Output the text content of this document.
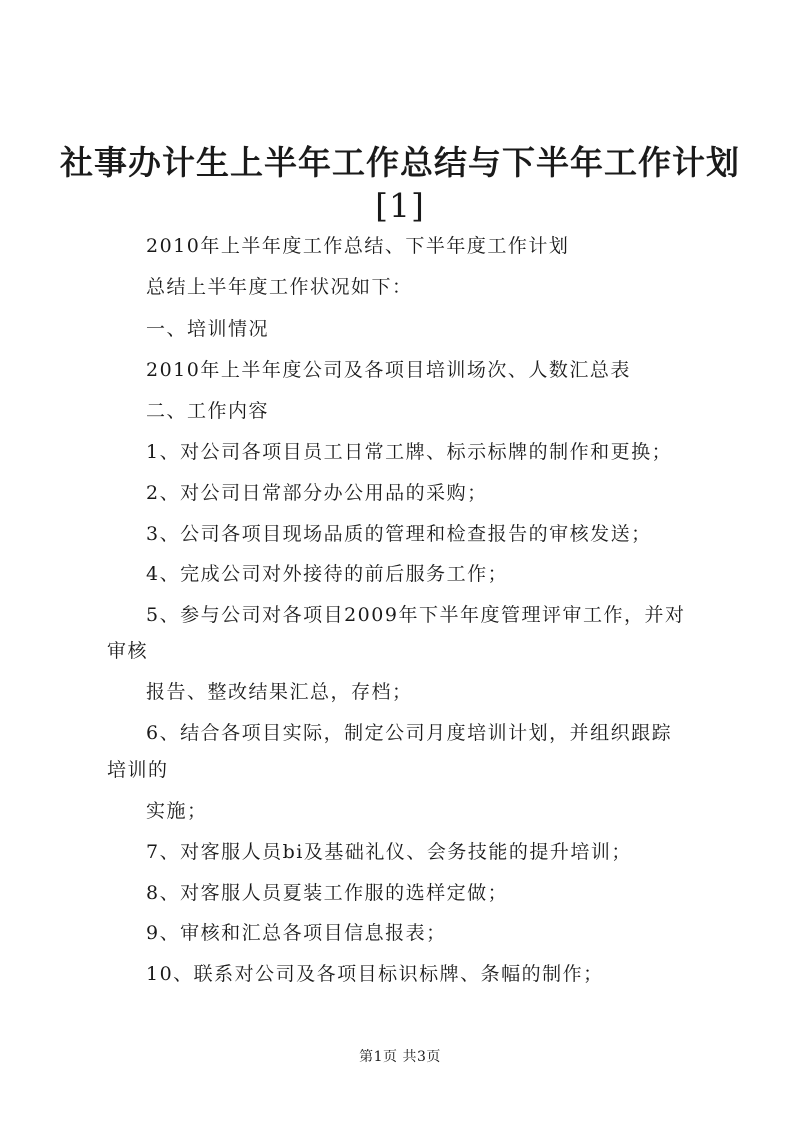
社事办计生上半年工作总结与下半年工作计划
[1]
2010年上半年度工作总结、下半年度工作计划
总结上半年度工作状况如下：
一、培训情况
2010年上半年度公司及各项目培训场次、人数汇总表
二、工作内容
1、对公司各项目员工日常工牌、标示标牌的制作和更换；
2、对公司日常部分办公用品的采购；
3、公司各项目现场品质的管理和检查报告的审核发送；
4、完成公司对外接待的前后服务工作；
5、参与公司对各项目2009年下半年度管理评审工作，并对
审核
报告、整改结果汇总，存档；
6、结合各项目实际，制定公司月度培训计划，并组织跟踪
培训的
实施；
7、对客服人员bi及基础礼仪、会务技能的提升培训；
8、对客服人员夏装工作服的选样定做；
9、审核和汇总各项目信息报表；
10、联系对公司及各项目标识标牌、条幅的制作；
第1页 共3页
